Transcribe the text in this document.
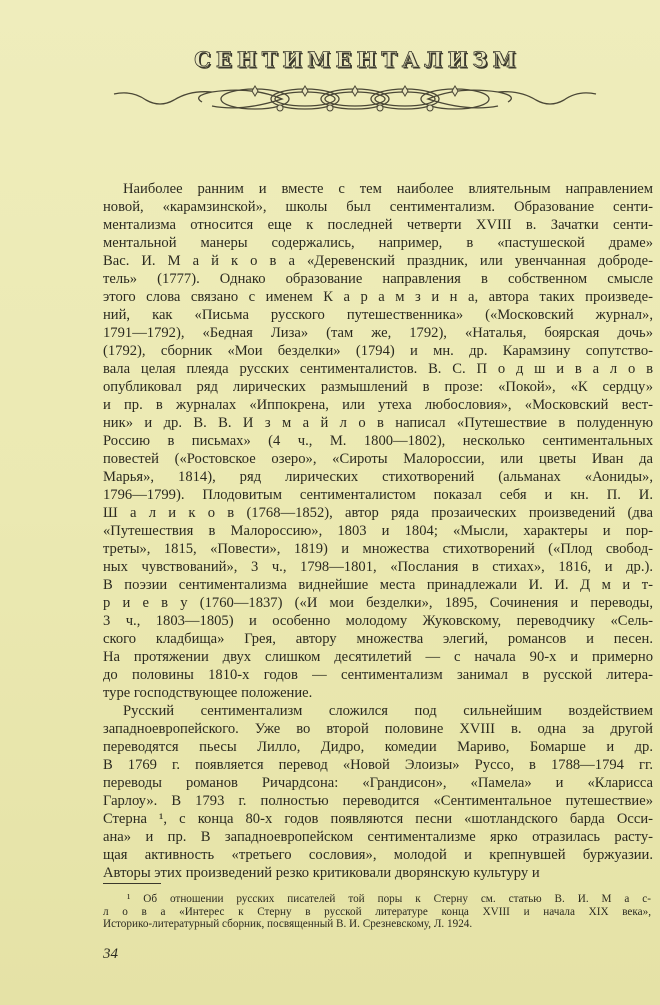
СЕНТИМЕНТАЛИЗМ
Наиболее ранним и вместе с тем наиболее влиятельным направлением
новой, «карамзинской», школы был сентиментализм. Образование сенти-
ментализма относится еще к последней четверти XVIII в. Зачатки сенти-
ментальной манеры содержались, например, в «пастушеской драме»
Вас. И. М а й к о в а «Деревенский праздник, или увенчанная доброде-
тель» (1777). Однако образование направления в собственном смысле
этого слова связано с именем К а р а м з и н а, автора таких произведе-
ний, как «Письма русского путешественника» («Московский журнал»,
1791—1792), «Бедная Лиза» (там же, 1792), «Наталья, боярская дочь»
(1792), сборник «Мои безделки» (1794) и мн. др. Карамзину сопутство-
вала целая плеяда русских сентименталистов. В. С. П о д ш и в а л о в
опубликовал ряд лирических размышлений в прозе: «Покой», «К сердцу»
и пр. в журналах «Иппокрена, или утеха любословия», «Московский вест-
ник» и др. В. В. И з м а й л о в написал «Путешествие в полуденную
Россию в письмах» (4 ч., М. 1800—1802), несколько сентиментальных
повестей («Ростовское озеро», «Сироты Малороссии, или цветы Иван да
Марья», 1814), ряд лирических стихотворений (альманах «Аониды»,
1796—1799). Плодовитым сентименталистом показал себя и кн. П. И.
Ш а л и к о в (1768—1852), автор ряда прозаических произведений (два
«Путешествия в Малороссию», 1803 и 1804; «Мысли, характеры и пор-
треты», 1815, «Повести», 1819) и множества стихотворений («Плод свобод-
ных чувствований», 3 ч., 1798—1801, «Послания в стихах», 1816, и др.).
В поэзии сентиментализма виднейшие места принадлежали И. И. Д м и т-
р и е в у (1760—1837) («И мои безделки», 1895, Сочинения и переводы,
3 ч., 1803—1805) и особенно молодому Жуковскому, переводчику «Сель-
ского кладбища» Грея, автору множества элегий, романсов и песен.
На протяжении двух слишком десятилетий — с начала 90-х и примерно
до половины 1810-х годов — сентиментализм занимал в русской литера-
туре господствующее положение.
Русский сентиментализм сложился под сильнейшим воздействием
западноевропейского. Уже во второй половине XVIII в. одна за другой
переводятся пьесы Лилло, Дидро, комедии Мариво, Бомарше и др.
В 1769 г. появляется перевод «Новой Элоизы» Руссо, в 1788—1794 гг.
переводы романов Ричардсона: «Грандисон», «Памела» и «Кларисса
Гарлоу». В 1793 г. полностью переводится «Сентиментальное путешествие»
Стерна ¹, с конца 80-х годов появляются песни «шотландского барда Осси-
ана» и пр. В западноевропейском сентиментализме ярко отразилась расту-
щая активность «третьего сословия», молодой и крепнувшей буржуазии.
Авторы этих произведений резко критиковали дворянскую культуру и
¹ Об отношении русских писателей той поры к Стерну см. статью В. И. М а с-
л о в а «Интерес к Стерну в русской литературе конца XVIII и начала XIX века»,
Историко-литературный сборник, посвященный В. И. Срезневскому, Л. 1924.
34
